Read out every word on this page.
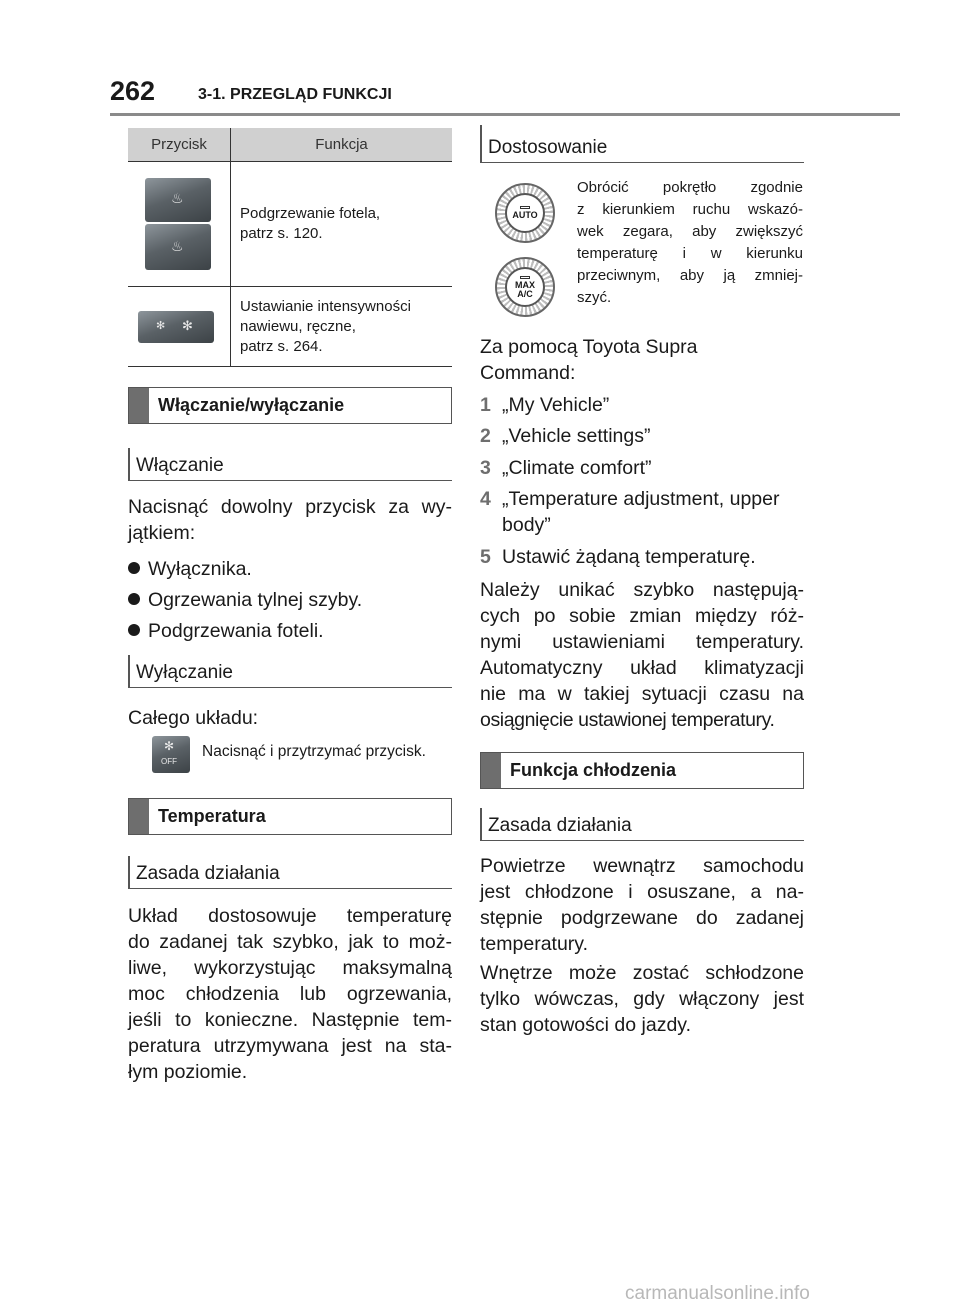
262	3-1. PRZEGLĄD FUNKCJI
Przycisk	Funkcja
♨
♨
Podgrzewanie fotela,
patrz s. 120.
✻ ✻
Ustawianie intensywności
nawiewu, ręczne,
patrz s. 264.
Włączanie/wyłączanie
Włączanie
Nacisnąć dowolny przycisk za wy-
jątkiem:
Wyłącznika.
Ogrzewania tylnej szyby.
Podgrzewania foteli.
Wyłączanie
Całego układu:
✻
OFF
Nacisnąć i przytrzymać przycisk.
Temperatura
Zasada działania
Układ dostosowuje temperaturę
do zadanej tak szybko, jak to moż-
liwe, wykorzystując maksymalną
moc chłodzenia lub ogrzewania,
jeśli to konieczne. Następnie tem-
peratura utrzymywana jest na sta-
łym poziomie.
Dostosowanie
AUTO
MAX
A/C
Obrócić pokrętło zgodnie
z kierunkiem ruchu wskazó-
wek zegara, aby zwiększyć
temperaturę i w kierunku
przeciwnym, aby ją zmniej-
szyć.
Za pomocą Toyota Supra
Command:
1 „My Vehicle”
2 „Vehicle settings”
3 „Climate comfort”
4 „Temperature adjustment, upper
body”
5 Ustawić żądaną temperaturę.
Należy unikać szybko następują-
cych po sobie zmian między róż-
nymi ustawieniami temperatury.
Automatyczny układ klimatyzacji
nie ma w takiej sytuacji czasu na
osiągnięcie ustawionej temperatury.
Funkcja chłodzenia
Zasada działania
Powietrze wewnątrz samochodu
jest chłodzone i osuszane, a na-
stępnie podgrzewane do zadanej
temperatury.
Wnętrze może zostać schłodzone
tylko wówczas, gdy włączony jest
stan gotowości do jazdy.
carmanualsonline.info
